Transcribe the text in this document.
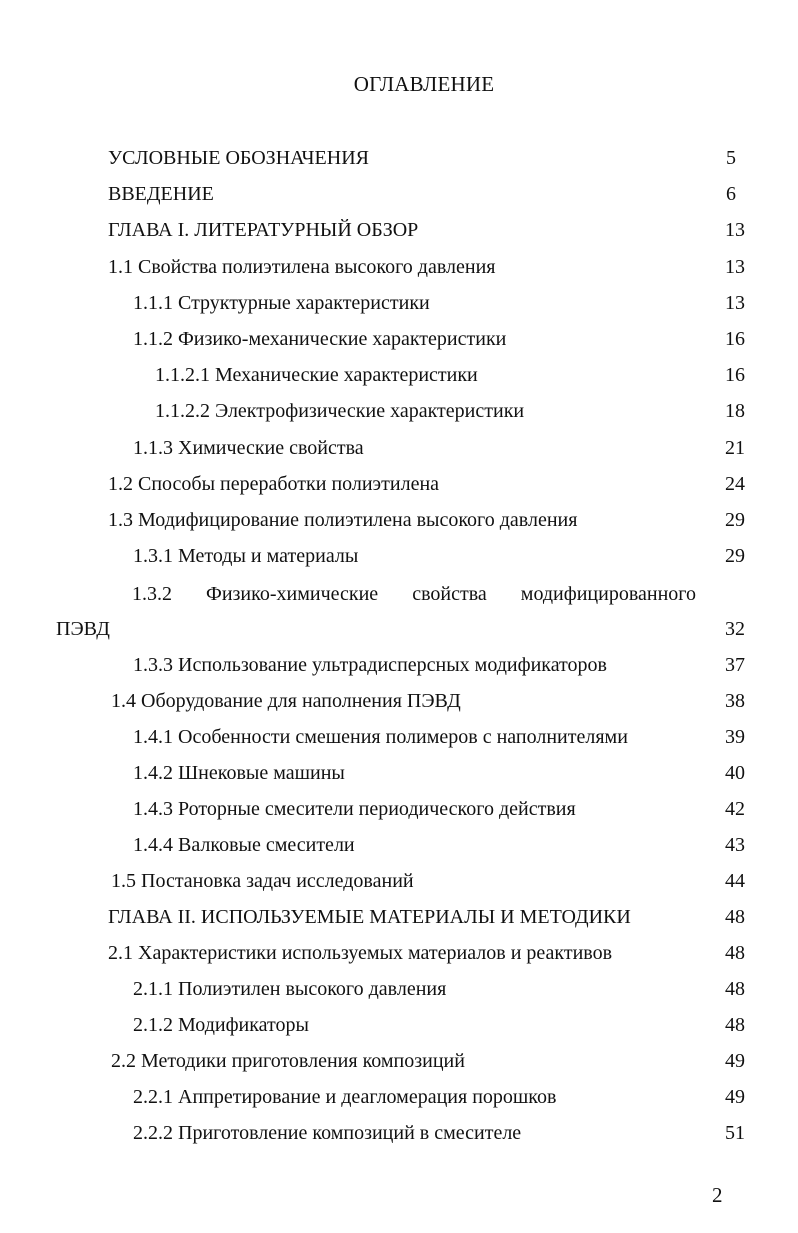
ОГЛАВЛЕНИЕ
УСЛОВНЫЕ ОБОЗНАЧЕНИЯ	5
ВВЕДЕНИЕ	6
ГЛАВА I. ЛИТЕРАТУРНЫЙ ОБЗОР	13
1.1 Свойства полиэтилена высокого давления	13
1.1.1 Структурные характеристики	13
1.1.2 Физико-механические характеристики	16
1.1.2.1 Механические характеристики	16
1.1.2.2 Электрофизические характеристики	18
1.1.3 Химические свойства	21
1.2 Способы переработки полиэтилена	24
1.3 Модифицирование полиэтилена высокого давления	29
1.3.1 Методы и материалы	29
1.3.2 Физико-химические свойства модифицированного
ПЭВД	32
1.3.3 Использование ультрадисперсных модификаторов	37
1.4 Оборудование для наполнения ПЭВД	38
1.4.1 Особенности смешения полимеров с наполнителями	39
1.4.2 Шнековые машины	40
1.4.3 Роторные смесители периодического действия	42
1.4.4 Валковые смесители	43
1.5 Постановка задач исследований	44
ГЛАВА II. ИСПОЛЬЗУЕМЫЕ МАТЕРИАЛЫ И МЕТОДИКИ	48
2.1 Характеристики используемых материалов и реактивов	48
2.1.1 Полиэтилен высокого давления	48
2.1.2 Модификаторы	48
2.2 Методики приготовления композиций	49
2.2.1 Аппретирование и деагломерация порошков	49
2.2.2 Приготовление композиций в смесителе	51
2
